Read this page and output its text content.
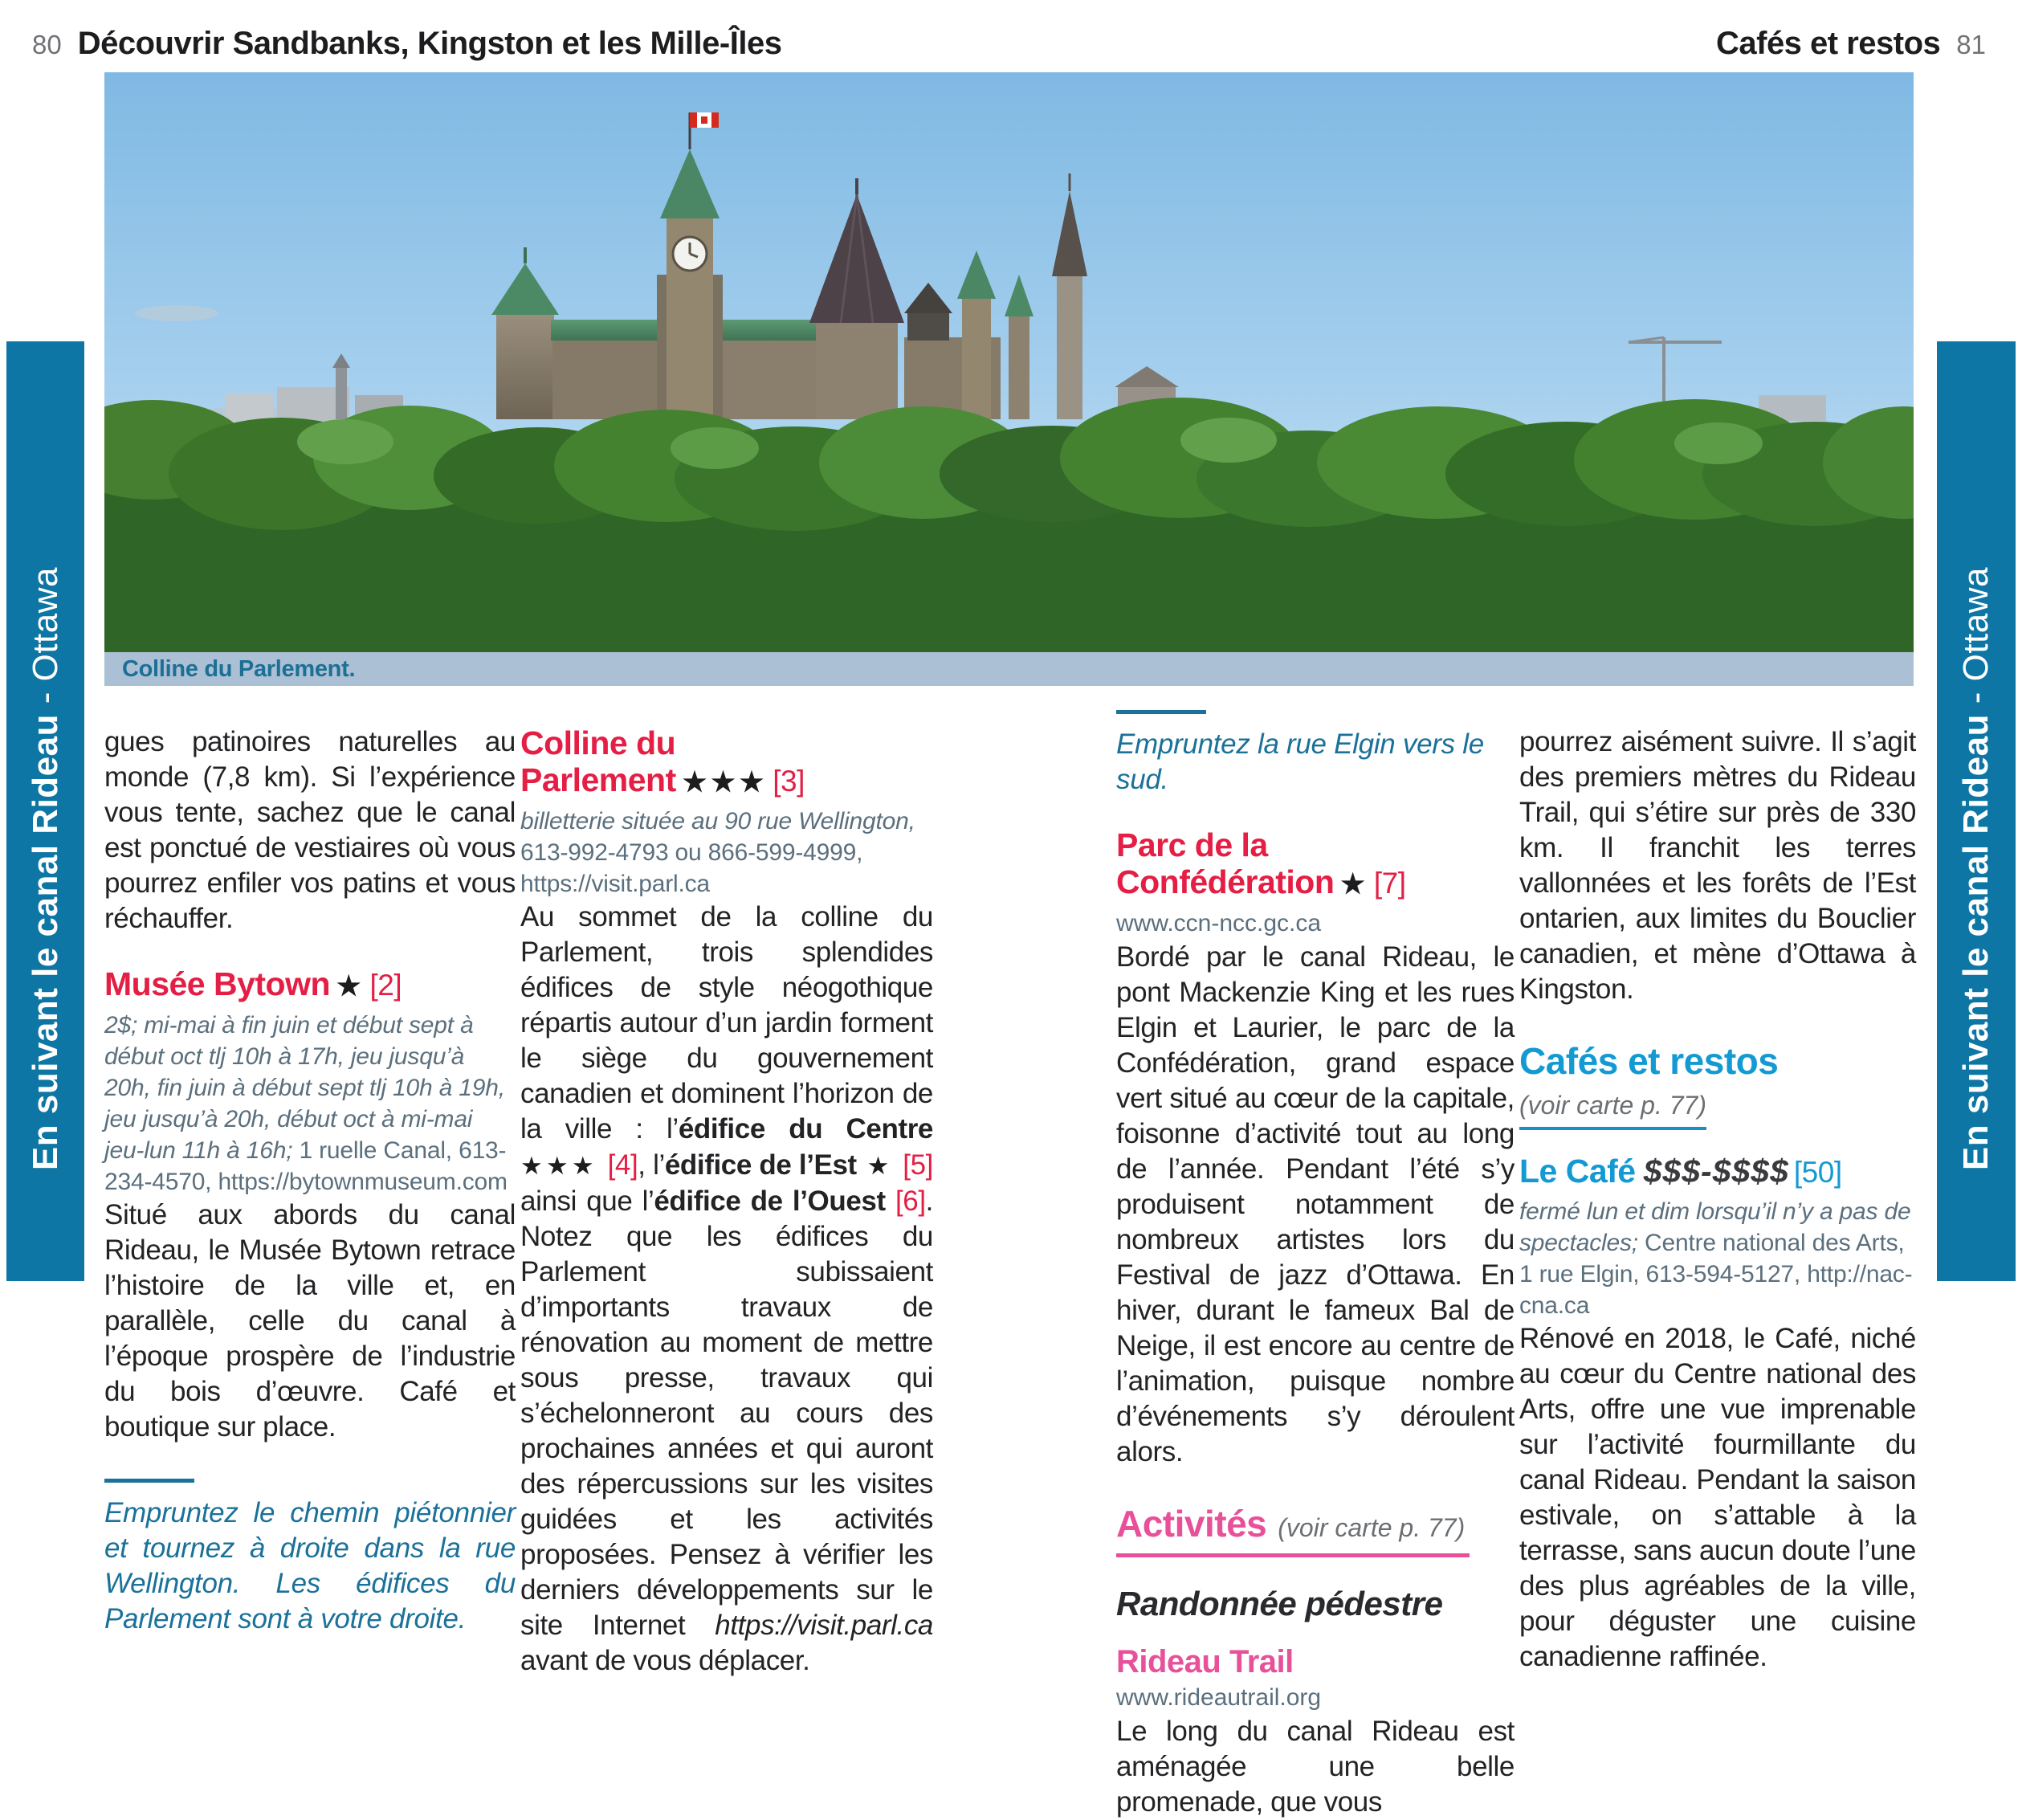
80 Découvrir Sandbanks, Kingston et les Mille-Îles	Cafés et restos 81
Colline du Parlement.
En suivant le canal Rideau - Ottawa
En suivant le canal Rideau - Ottawa

gues patinoires naturelles au monde (7,8 km). Si l’expérience vous tente, sachez que le canal est ponctué de vestiaires où vous pourrez enfiler vos patins et vous réchauffer.

Musée Bytown ★ [2]

2$; mi-mai à fin juin et début sept à début oct tlj 10h à 17h, jeu jusqu’à 20h, fin juin à début sept tlj 10h à 19h, jeu jusqu’à 20h, début oct à mi-mai jeu-lun 11h à 16h; 1 ruelle Canal, 613-234-4570, https://bytownmuseum.com

Situé aux abords du canal Rideau, le Musée Bytown retrace l’histoire de la ville et, en parallèle, celle du canal à l’époque prospère de l’industrie du bois d’œuvre. Café et boutique sur place.

Empruntez le chemin piétonnier et tournez à droite dans la rue Wellington. Les édifices du Parlement sont à votre droite.

Colline du Parlement ★★★ [3]

billetterie située au 90 rue Wellington, 613-992-4793 ou 866-599-4999, https://visit.parl.ca

Au sommet de la colline du Parlement, trois splendides édifices de style néogothique répartis autour d’un jardin forment le siège du gouvernement canadien et dominent l’horizon de la ville : l’édifice du Centre ★★★ [4], l’édifice de l’Est ★ [5] ainsi que l’édifice de l’Ouest [6]. Notez que les édifices du Parlement subissaient d’importants travaux de rénovation au moment de mettre sous presse, travaux qui s’échelonneront au cours des prochaines années et qui auront des répercussions sur les visites guidées et les activités proposées. Pensez à vérifier les derniers développements sur le site Internet https://visit.parl.ca avant de vous déplacer.

Empruntez la rue Elgin vers le sud.

Parc de la Confédération ★ [7]

www.ccn-ncc.gc.ca

Bordé par le canal Rideau, le pont Mackenzie King et les rues Elgin et Laurier, le parc de la Confédération, grand espace vert situé au cœur de la capitale, foisonne d’activité tout au long de l’année. Pendant l’été s’y produisent notamment de nombreux artistes lors du Festival de jazz d’Ottawa. En hiver, durant le fameux Bal de Neige, il est encore au centre de l’animation, puisque nombre d’événements s’y déroulent alors.

Activités (voir carte p. 77)
Randonnée pédestre
Rideau Trail

www.rideautrail.org

Le long du canal Rideau est aménagée une belle promenade, que vous

pourrez aisément suivre. Il s’agit des premiers mètres du Rideau Trail, qui s’étire sur près de 330 km. Il franchit les terres vallonnées et les forêts de l’Est ontarien, aux limites du Bouclier canadien, et mène d’Ottawa à Kingston.

Cafés et restos
(voir carte p. 77)
Le Café $$$-$$$$ [50]

fermé lun et dim lorsqu’il n’y a pas de spectacles; Centre national des Arts, 1 rue Elgin, 613-594-5127, http://nac-cna.ca

Rénové en 2018, le Café, niché au cœur du Centre national des Arts, offre une vue imprenable sur l’activité fourmillante du canal Rideau. Pendant la saison estivale, on s’attable à la terrasse, sans aucun doute l’une des plus agréables de la ville, pour déguster une cuisine canadienne raffinée.
